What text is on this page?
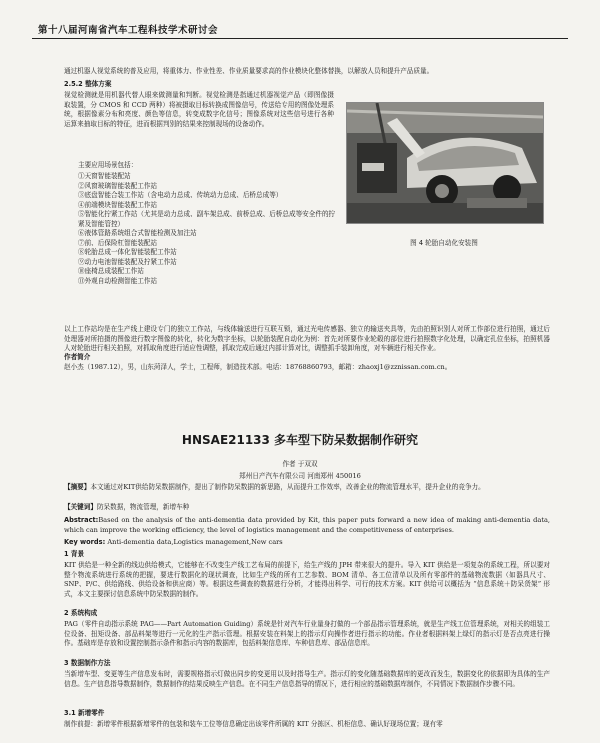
第十八届河南省汽车工程科技学术研讨会
通过机器人视觉系统的普及应用，将重体力、作业性差、作业质量要求高的作业模块化整体替换，以解放人员和提升产品质量。
2.5.2 整体方案
视觉检测就是用机器代替人眼来做测量和判断。视觉检测是指通过机器视觉产品（即图像摄取装置，分 CMOS 和 CCD 两种）将被摄取目标转换成图像信号，传送给专用的图像处理系统，根据像素分布和亮度、颜色等信息，转变成数字化信号；图像系统对这些信号进行各种运算来抽取目标的特征，进而根据判别的结果来控制现场的设备动作。
主要应用场景包括：
①天窗智能装配站
②风窗玻璃智能装配工作站
③底盘智能合装工作站（含电动力总成、传统动力总成、后桥总成等）
④前端模块智能装配工作站
⑤智能化拧紧工作站（尤其是动力总成、副车架总成、前桥总成、后桥总成等安全件的拧紧及智能管控）
⑥液体管路系统组合式智能检测及加注站
⑦前、后保险杠智能装配站
⑧轮胎总成一体化智能装配工作站
⑨动力电池智能装配及拧紧工作站
⑩座椅总成装配工作站
⑪外观自动检测智能工作站
图 4 轮胎自动化安装图
以上工作站均是在生产线上建设专门的独立工作站，与线体输送进行互联互锁，通过光电传感器、独立的输送夹具等，先由拍照识别人对所工作部位进行拍照，通过后处理器对所拍摄的图像进行数字图像的转化，转化为数字坐标，以轮胎装配自动化为例：首先对所要作业轮毂的部位进行拍照数字化处理，以确定孔位坐标，拍照机器人对轮胎进行相关拍照，对抓取角度进行适应性调整，抓取完成后通过内部计算对比，调整抓手装卸角度，对车辆进行相关作业。
作者简介
赵小杰（1987.12），男，山东菏泽人，学士，工程师，制造技术部。电话：18768860793，邮箱：zhaoxj1@zznissan.com.cn。
HNSAE21133 多车型下防呆数据制作研究
作者 于双双
郑州日产汽车有限公司 河南郑州 450016
【摘要】本文通过对KIT供给防呆数据制作，提出了制作防呆数据的新思路，从而提升工作效率，改善企业的物流管理水平，提升企业的竞争力。
【关键词】防呆数据，物流管理，新增车种
Abstract:Based on the analysis of the anti-dementia data provided by Kit, this paper puts forward a new idea of making anti-dementia data, which can improve the working efficiency, the level of logistics management and the competitiveness of enterprises.
Key words: Anti-dementia data,Logistics management,New cars
1 背景
KIT 供给是一种全新的线边供给模式，它能够在不改变生产线工艺布局的前提下，给生产线的 JPH 带来很大的提升。导入 KIT 供给是一项复杂的系统工程，所以要对整个物流系统进行系统的把握，要进行数据化的现状调查，比如生产线的所有工艺参数、BOM 清单、各工位清单以及所有零部件的基础物流数据（如器具尺寸、SNP、P/C、供给路线、供给设备和供应商）等。根据这些调查的数据进行分析，才能得出科学、可行的技术方案。KIT 供给可以概括为 “信息系统＋防呆货架” 形式，本文主要探讨信息系统中防呆数据的制作。
2 系统构成
PAG（零件自动指示系统 PAG——Part Automation Guiding）系统是针对汽车行业量身打做的一个部品指示管理系统，就是生产线工位管理系统，对相关的组装工位设备、扭矩设备、部品料架等进行一元化的生产指示管理。根据安装在料架上的指示灯向操作者进行指示的功能。作业者根据料架上绿灯的指示灯是否点亮进行操作。基础库是存放和设置控制指示条件和指示内容的数据库，包括料架信息库、车种信息库、部品信息库。
3 数据制作方法
当新增车型、变更等生产信息发布时，需要规格指示灯做出同步的变更用以及时指导生产。指示灯的变化随基础数据库的更改而发生，数据变化的依据即为具体的生产信息。生产信息指导数据制作，数据制作的结果反映生产信息。在不同生产信息指导的情况下，进行相应的基础数据库制作，不同情况下数据制作步骤不同。
3.1 新增零件
制作前提：新增零件根据新增零件的包装和装车工位等信息确定出该零件所属的 KIT 分拣区、机柜信息、确认好现场位置；现有零
